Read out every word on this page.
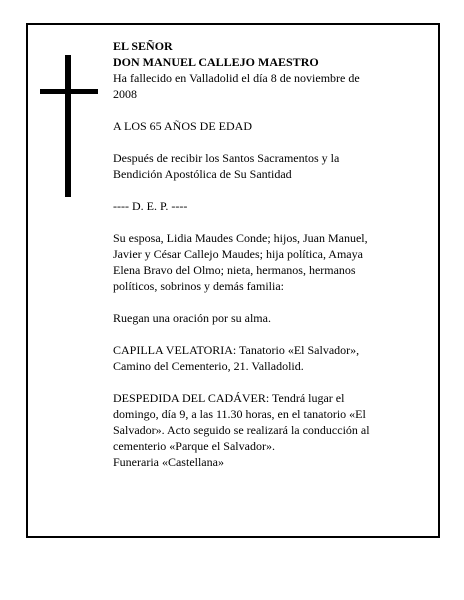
EL SEÑOR

DON MANUEL CALLEJO MAESTRO

Ha fallecido en Valladolid el día 8 de noviembre de

2008

A LOS 65 AÑOS DE EDAD

Después de recibir los Santos Sacramentos y la

Bendición Apostólica de Su Santidad

---- D. E. P. ----

Su esposa, Lidia Maudes Conde; hijos, Juan Manuel,

Javier y César Callejo Maudes; hija política, Amaya

Elena Bravo del Olmo; nieta, hermanos, hermanos

políticos, sobrinos y demás familia:

Ruegan una oración por su alma.

CAPILLA VELATORIA: Tanatorio «El Salvador»,

Camino del Cementerio, 21. Valladolid.

DESPEDIDA DEL CADÁVER: Tendrá lugar el

domingo, día 9, a las 11.30 horas, en el tanatorio «El

Salvador». Acto seguido se realizará la conducción al

cementerio «Parque el Salvador».

Funeraria «Castellana»
